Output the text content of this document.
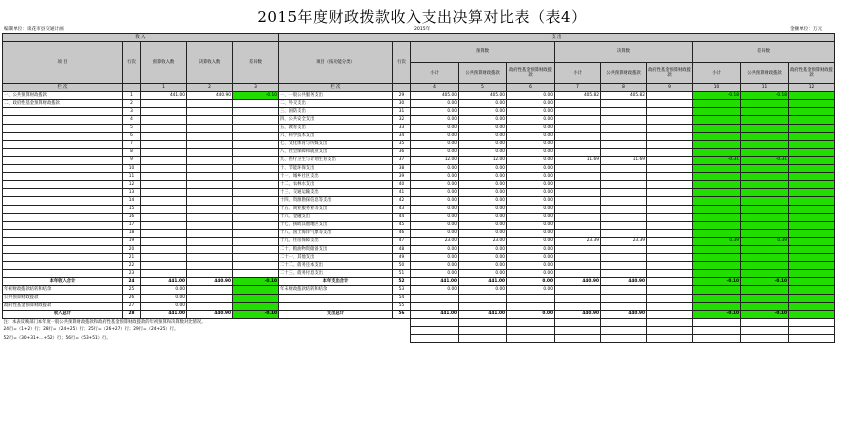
2015年度财政拨款收入支出决算对比表（表4）
编制单位：谈花市县交通计画	2015年	金额单位：万元
收 入					支 出										
项 目	行次	预算收入数	决算收入数	差异数	项目（按功能分类）	行次	预算数			决算数			差异数		
							小计	公共预算财政拨款	政府性基金预算财政拨款	小计	公共预算财政拨款	政府性基金预算财政拨款	小计	公共预算财政拨款	政府性基金预算财政拨款
栏 次		1	2	3	栏 次		4	5	6	7	8	9	10	11	12
一、公共预算财政拨款	1	441.00	440.90	-0.10	一、一般公共服务支出	29	405.00	405.00	0.00	405.82	405.82		-0.18	-0.18	
二、政府性基金预算财政拨款	2				二、外交支出	30	0.00	0.00	0.00						
	3				三、国防支出	31	0.00	0.00	0.00						
	4				四、公共安全支出	32	0.00	0.00	0.00						
	5				五、教育支出	33	0.00	0.00	0.00						
	6				六、科学技术支出	34	0.00	0.00	0.00						
	7				七、文化体育与传媒支出	35	0.00	0.00	0.00						
	8				八、社会保障和就业支出	36	0.00	0.00	0.00						
	9				九、医疗卫生与计划生育支出	37	12.00	12.00	0.00	11.69	11.69		-0.31	-0.31	
	10				十、节能环保支出	38	0.00	0.00	0.00						
	11				十一、城乡社区支出	39	0.00	0.00	0.00						
	12				十二、农林水支出	40	0.00	0.00	0.00						
	13				十三、交通运输支出	41	0.00	0.00	0.00						
	14				十四、资源勘探信息等支出	42	0.00	0.00	0.00						
	15				十五、商业服务业等支出	43	0.00	0.00	0.00						
	16				十六、金融支出	44	0.00	0.00	0.00						
	17				十七、援助其他地区支出	45	0.00	0.00	0.00						
	18				十八、国土海洋气象等支出	46	0.00	0.00	0.00						
	19				十九、住房保障支出	47	23.00	23.00	0.00	23.39	23.39		0.39	0.39	
	20				二十、粮油物资储备支出	48	0.00	0.00	0.00						
	21				二十一、其他支出	49	0.00	0.00	0.00						
	22				二十二、债务还本支出	50	0.00	0.00	0.00						
	23				二十三、债务付息支出	51	0.00	0.00	0.00						
本年收入合计	24	441.00	440.90	-0.10	本年支出合计	52	441.00	441.00	0.00	440.90	440.90		-0.10	-0.10	
年初财政拨款结转和结余	25	0.00			年末财政拨款结转和结余	53	0.00	0.00	0.00						
公共预算财政拨款	26	0.00				54									
政府性基金预算财政拨款	27	0.00				55									
收入总计	28	441.00	440.90	-0.10	支出总计	56	441.00	441.00	0.00	440.90	440.90		-0.10	-0.10	
注：本表反映部门本年度一般公共预算财政拨款和政府性基金预算财政拨款的年初预算和决算数对比情况。															
24行=（1+2）行；28行=（24+25）行；25行=（26+27）行；29行=（24+25）行。															
52行=（30+31+…+52）行；56行=（53+51）行。															
